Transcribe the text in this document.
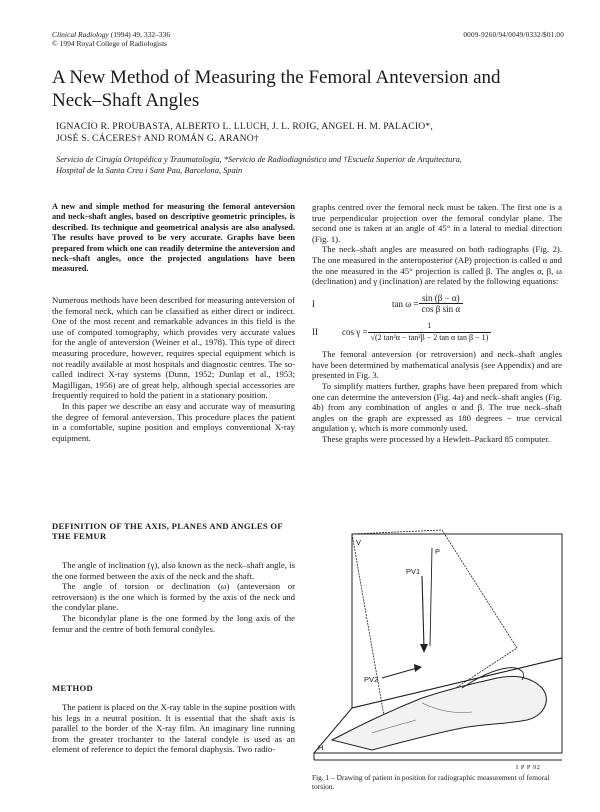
Clinical Radiology (1994) 49, 332–336
© 1994 Royal College of Radiologists
0009-9260/94/0049/0332/$01.00
A New Method of Measuring the Femoral Anteversion and Neck–Shaft Angles
IGNACIO R. PROUBASTA, ALBERTO L. LLUCH, J. L. ROIG, ANGEL H. M. PALACIO*,
JOSÉ S. CÁCERES† AND ROMÁN G. ARANO†
Servicio de Cirugía Ortopédica y Traumatología, *Servicio de Radiodiagnóstico and †Escuela Superior de Arquitectura,
Hospital de la Santa Creu i Sant Pau, Barcelona, Spain
A new and simple method for measuring the femoral anteversion and neck–shaft angles, based on descriptive geometric principles, is described. Its technique and geometrical analysis are also analysed. The results have proved to be very accurate. Graphs have been prepared from which one can readily determine the anteversion and neck–shaft angles, once the projected angulations have been measured.

Numerous methods have been described for measuring anteversion of the femoral neck, which can be classified as either direct or indirect. One of the most recent and remarkable advances in this field is the use of computed tomography, which provides very accurate values for the angle of anteversion (Weiner et al., 1978). This type of direct measuring procedure, however, requires special equipment which is not readily available at most hospitals and diagnostic centres. The so-called indirect X-ray systems (Dunn, 1952; Dunlap et al., 1953; Magilligan, 1956) are of great help, although special accessories are frequently required to hold the patient in a stationary position.

In this paper we describe an easy and accurate way of measuring the degree of femoral anteversion. This procedure places the patient in a comfortable, supine position and employs conventional X-ray equipment.

DEFINITION OF THE AXIS, PLANES AND ANGLES OF THE FEMUR

The angle of inclination (γ), also known as the neck–shaft angle, is the one formed between the axis of the neck and the shaft.

The angle of torsion or declination (ω) (anteversion or retroversion) is the one which is formed by the axis of the neck and the condylar plane.

The bicondylar plane is the one formed by the long axis of the femur and the centre of both femoral condyles.

METHOD

The patient is placed on the X-ray table in the supine position with his legs in a neutral position. It is essential that the shaft axis is parallel to the border of the X-ray film. An imaginary line running from the greater trochanter to the lateral condyle is used as an element of reference to depict the femoral diaphysis. Two radio-

graphs centred over the femoral neck must be taken. The first one is a true perpendicular projection over the femoral condylar plane. The second one is taken at an angle of 45° in a lateral to medial direction (Fig. 1).

The neck–shaft angles are measured on both radiographs (Fig. 2). The one measured in the anteroposterior (AP) projection is called α and the one measured in the 45° projection is called β. The angles α, β, ω (declination) and γ (inclination) are related by the following equations:

I	$\tan \omega = \frac{\sin (\beta - \alpha)}{\text{cos β sin α}}$
II	$\cos \gamma = \frac{1}{\text{√(2 tan²α − tan²β − 2 tan α tan β − 1)}}$

The femoral anteversion (or retroversion) and neck–shaft angles have been determined by mathematical analysis (see Appendix) and are presented in Fig. 3.

To simplify matters further, graphs have been prepared from which one can determine the anteversion (Fig. 4a) and neck–shaft angles (Fig. 4b) from any combination of angles α and β. The true neck–shaft angles on the graph are expressed as 180 degrees − true cervical angulation γ, which is more commonly used.

These graphs were processed by a Hewlett–Packard 85 computer.

V
P
PV1
PV2
H
I P P 92
Fig. 1 – Drawing of patient in position for radiographic measurement of femoral torsion.
